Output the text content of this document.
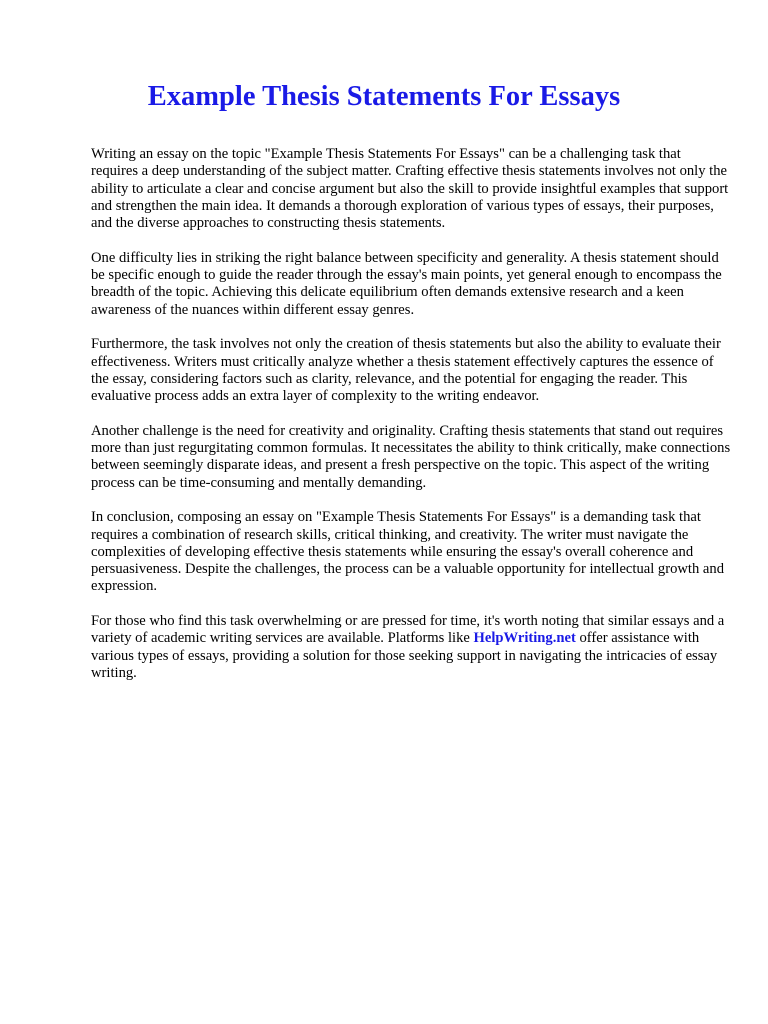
Example Thesis Statements For Essays

Writing an essay on the topic "Example Thesis Statements For Essays" can be a challenging task that requires a deep understanding of the subject matter. Crafting effective thesis statements involves not only the ability to articulate a clear and concise argument but also the skill to provide insightful examples that support and strengthen the main idea. It demands a thorough exploration of various types of essays, their purposes, and the diverse approaches to constructing thesis statements.

One difficulty lies in striking the right balance between specificity and generality. A thesis statement should be specific enough to guide the reader through the essay's main points, yet general enough to encompass the breadth of the topic. Achieving this delicate equilibrium often demands extensive research and a keen awareness of the nuances within different essay genres.

Furthermore, the task involves not only the creation of thesis statements but also the ability to evaluate their effectiveness. Writers must critically analyze whether a thesis statement effectively captures the essence of the essay, considering factors such as clarity, relevance, and the potential for engaging the reader. This evaluative process adds an extra layer of complexity to the writing endeavor.

Another challenge is the need for creativity and originality. Crafting thesis statements that stand out requires more than just regurgitating common formulas. It necessitates the ability to think critically, make connections between seemingly disparate ideas, and present a fresh perspective on the topic. This aspect of the writing process can be time-consuming and mentally demanding.

In conclusion, composing an essay on "Example Thesis Statements For Essays" is a demanding task that requires a combination of research skills, critical thinking, and creativity. The writer must navigate the complexities of developing effective thesis statements while ensuring the essay's overall coherence and persuasiveness. Despite the challenges, the process can be a valuable opportunity for intellectual growth and expression.

For those who find this task overwhelming or are pressed for time, it's worth noting that similar essays and a variety of academic writing services are available. Platforms like HelpWriting.net offer assistance with various types of essays, providing a solution for those seeking support in navigating the intricacies of essay writing.
